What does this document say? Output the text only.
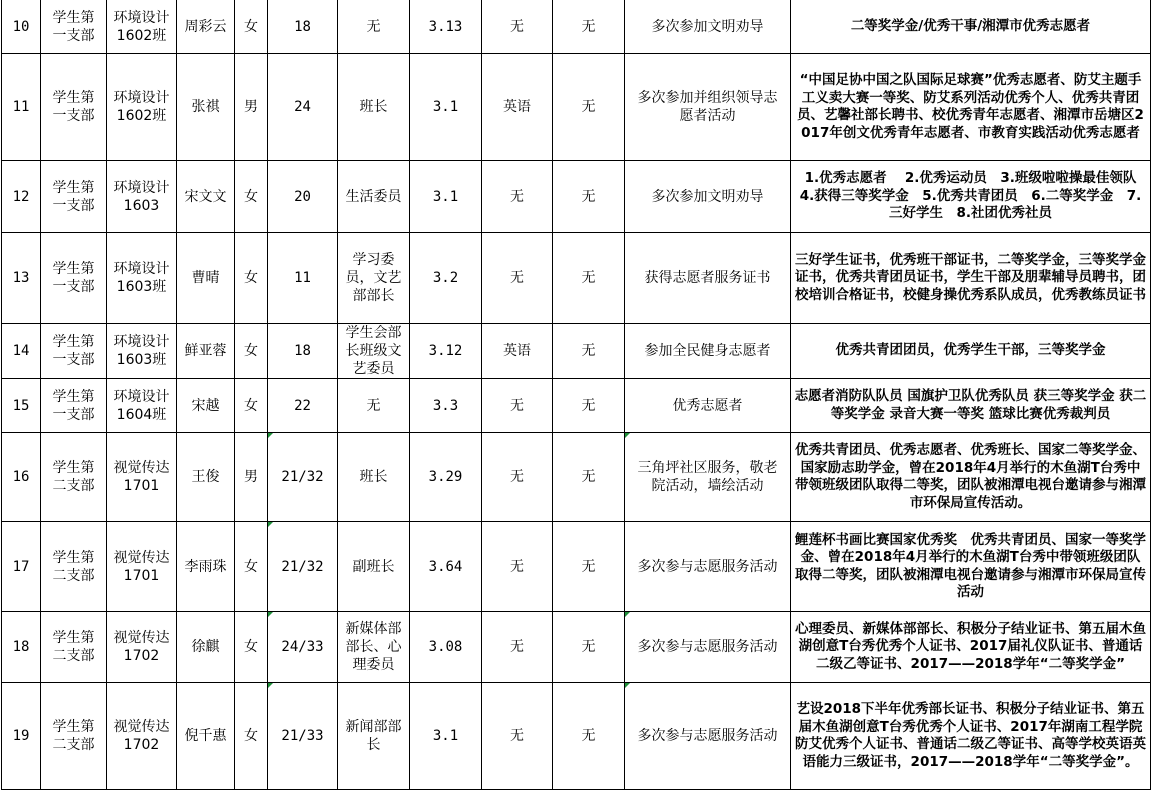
10	学生第一支部	环境设计1602班	周彩云	女	18	无	3.13	无	无	多次参加文明劝导	二等奖学金/优秀干事/湘潭市优秀志愿者
11	学生第一支部	环境设计1602班	张祺	男	24	班长	3.1	英语	无	多次参加并组织领导志愿者活动	“中国足协中国之队国际足球赛”优秀志愿者、防艾主题手工义卖大赛一等奖、防艾系列活动优秀个人、优秀共青团员、艺馨社部长聘书、校优秀青年志愿者、湘潭市岳塘区2017年创文优秀青年志愿者、市教育实践活动优秀志愿者
12	学生第一支部	环境设计1603	宋文文	女	20	生活委员	3.1	无	无	多次参加文明劝导	1.优秀志愿者　 2.优秀运动员　3.班级啦啦操最佳领队　4.获得三等奖学金　5.优秀共青团员　6.二等奖学金　7.三好学生　8.社团优秀社员
13	学生第一支部	环境设计1603班	曹晴	女	11	学习委员，文艺部部长	3.2	无	无	获得志愿者服务证书	三好学生证书，优秀班干部证书，二等奖学金，三等奖学金证书，优秀共青团员证书，学生干部及朋辈辅导员聘书，团校培训合格证书，校健身操优秀系队成员，优秀教练员证书
14	学生第一支部	环境设计1603班	鲜亚蓉	女	18	学生会部长班级文艺委员	3.12	英语	无	参加全民健身志愿者	优秀共青团团员，优秀学生干部，三等奖学金
15	学生第一支部	环境设计1604班	宋越	女	22	无	3.3	无	无	优秀志愿者	志愿者消防队队员 国旗护卫队优秀队员 获三等奖学金 获二等奖学金 录音大赛一等奖 篮球比赛优秀裁判员
16	学生第二支部	视觉传达1701	王俊	男	21/32	班长	3.29	无	无	三角坪社区服务，敬老院活动，墙绘活动	优秀共青团员、优秀志愿者、优秀班长、国家二等奖学金、国家励志助学金，曾在2018年4月举行的木鱼湖T台秀中带领班级团队取得二等奖，团队被湘潭电视台邀请参与湘潭市环保局宣传活动。
17	学生第二支部	视觉传达1701	李雨珠	女	21/32	副班长	3.64	无	无	多次参与志愿服务活动	鲤莲杯书画比赛国家优秀奖　优秀共青团员、国家一等奖学金、曾在2018年4月举行的木鱼湖T台秀中带领班级团队取得二等奖，团队被湘潭电视台邀请参与湘潭市环保局宣传活动
18	学生第二支部	视觉传达1702	徐麒	女	24/33	新媒体部部长、心理委员	3.08	无	无	多次参与志愿服务活动	心理委员、新媒体部部长、积极分子结业证书、第五届木鱼湖创意T台秀优秀个人证书、2017届礼仪队证书、普通话二级乙等证书、2017——2018学年“二等奖学金”
19	学生第二支部	视觉传达1702	倪千惠	女	21/33	新闻部部长	3.1	无	无	多次参与志愿服务活动	艺设2018下半年优秀部长证书、积极分子结业证书、第五届木鱼湖创意T台秀优秀个人证书、2017年湖南工程学院防艾优秀个人证书、普通话二级乙等证书、高等学校英语英语能力三级证书，2017——2018学年“二等奖学金”。
